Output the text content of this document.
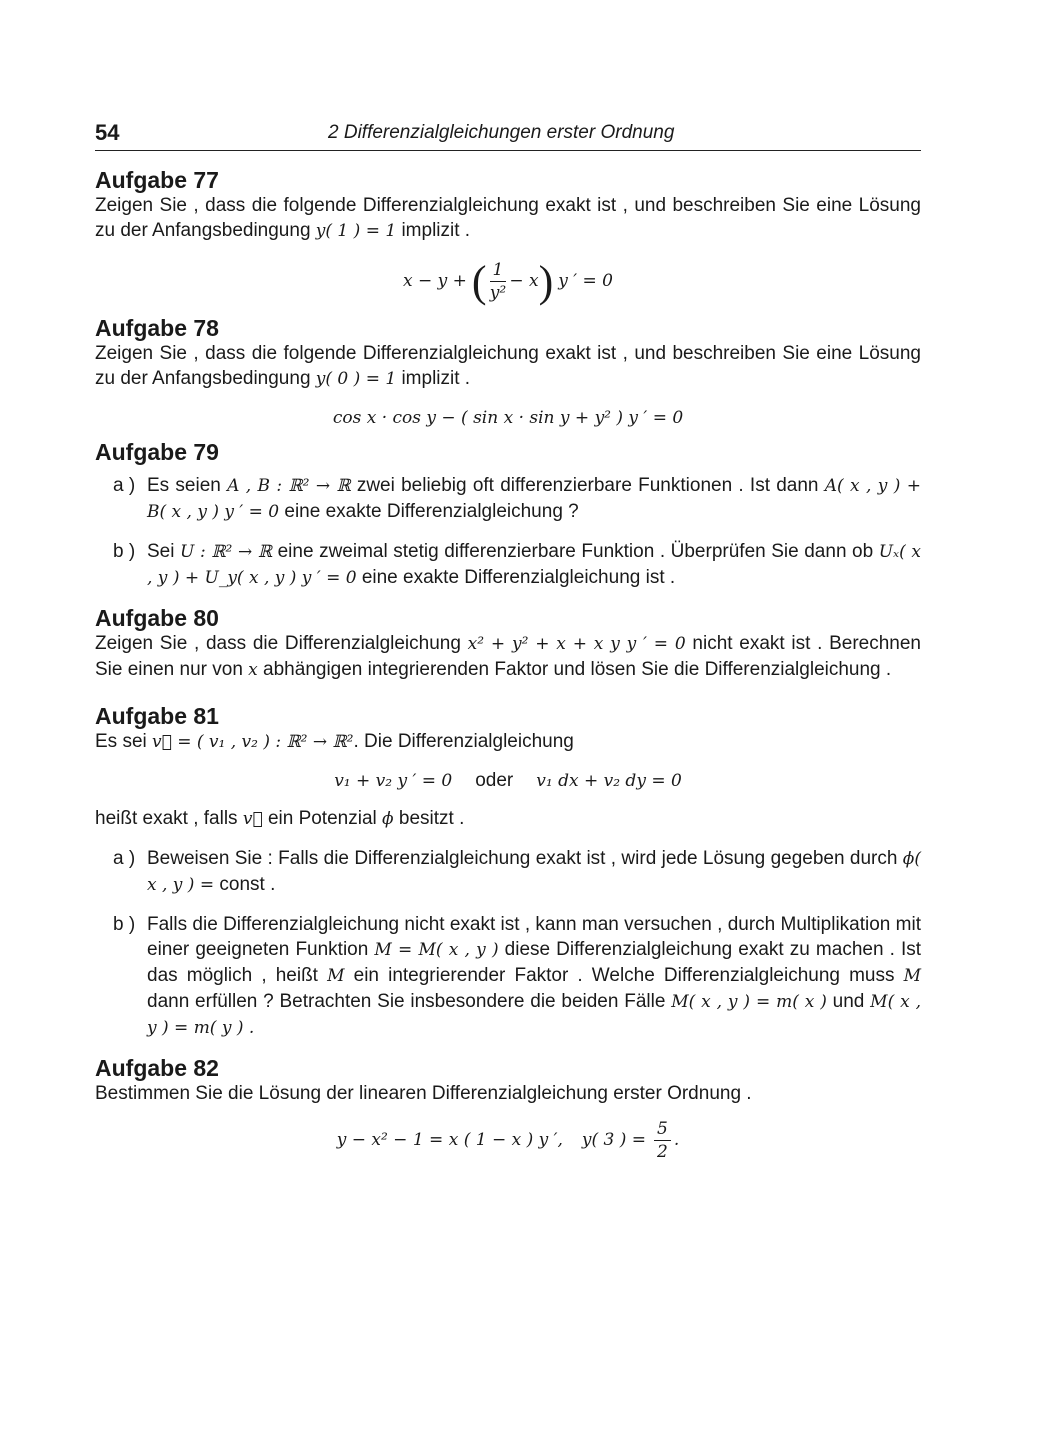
54	2 Differenzialgleichungen erster Ordnung
Aufgabe 77

Zeigen Sie , dass die folgende Differenzialgleichung exakt ist , und beschreiben Sie eine Lösung zu der Anfangsbedingung y( 1 ) = 1 implizit .

x − y + ( $\frac{1}{\text{y²}} - x$) y ′ = 0
Aufgabe 78

Zeigen Sie , dass die folgende Differenzialgleichung exakt ist , und beschreiben Sie eine Lösung zu der Anfangsbedingung y( 0 ) = 1 implizit .

cos x · cos y − ( sin x · sin y + y² ) y ′ = 0
Aufgabe 79
a ) Es seien A , B : ℝ² → ℝ zwei beliebig oft differenzierbare Funktionen . Ist dann A( x , y ) + B( x , y ) y ′ = 0 eine exakte Differenzialgleichung ?
b ) Sei U : ℝ² → ℝ eine zweimal stetig differenzierbare Funktion . Überprüfen Sie dann ob Uₓ( x , y ) + U_y( x , y ) y ′ = 0 eine exakte Differenzialgleichung ist .
Aufgabe 80

Zeigen Sie , dass die Differenzialgleichung x² + y² + x + x y y ′ = 0 nicht exakt ist . Berechnen Sie einen nur von x abhängigen integrierenden Faktor und lösen Sie die Differenzialgleichung .

Aufgabe 81

Es sei v⃗ = ( v₁ , v₂ ) : ℝ² → ℝ². Die Differenzialgleichung

v₁ + v₂ y ′ = 0 oder v₁ dx + v₂ dy = 0

heißt exakt , falls v⃗ ein Potenzial ϕ besitzt .

a ) Beweisen Sie : Falls die Differenzialgleichung exakt ist , wird jede Lösung gegeben durch ϕ( x , y ) = const .
b ) Falls die Differenzialgleichung nicht exakt ist , kann man versuchen , durch Multiplikation mit einer geeigneten Funktion M = M( x , y ) diese Differenzialgleichung exakt zu machen . Ist das möglich , heißt M ein integrierender Faktor . Welche Differenzialgleichung muss M dann erfüllen ? Betrachten Sie insbesondere die beiden Fälle M( x , y ) = m( x ) und M( x , y ) = m( y ) .
Aufgabe 82

Bestimmen Sie die Lösung der linearen Differenzialgleichung erster Ordnung .

y − x² − 1 = x ( 1 − x ) y ′, y( 3 ) = $\frac{5}{2}$ .
